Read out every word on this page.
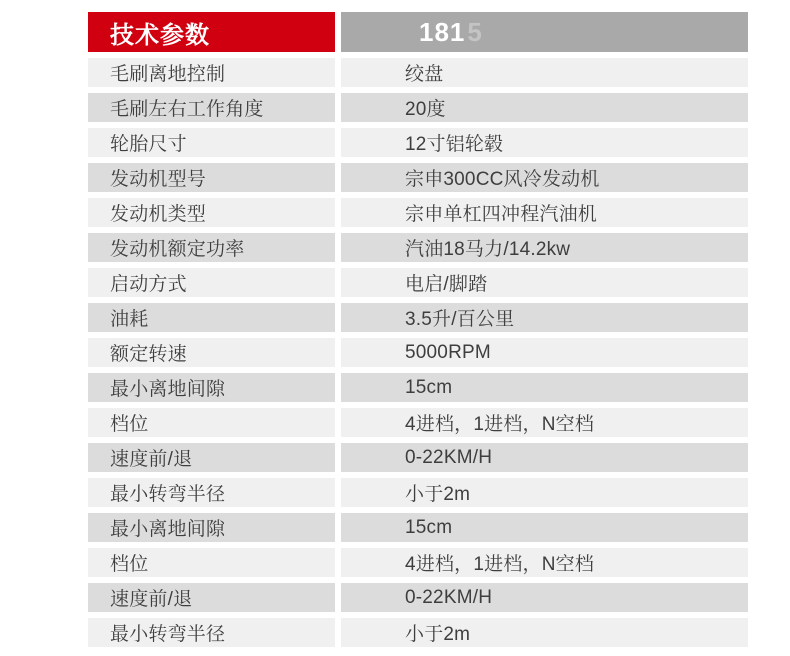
技术参数	181 5
毛刷离地控制	绞盘
毛刷左右工作角度	20度
轮胎尺寸	12寸铝轮毂
发动机型号	宗申300CC风冷发动机
发动机类型	宗申单杠四冲程汽油机
发动机额定功率	汽油18马力/14.2kw
启动方式	电启/脚踏
油耗	3.5升/百公里
额定转速	5000RPM
最小离地间隙	15cm
档位	4进档，1进档，N空档
速度前/退	0-22KM/H
最小转弯半径	小于2m
最小离地间隙	15cm
档位	4进档，1进档，N空档
速度前/退	0-22KM/H
最小转弯半径	小于2m
